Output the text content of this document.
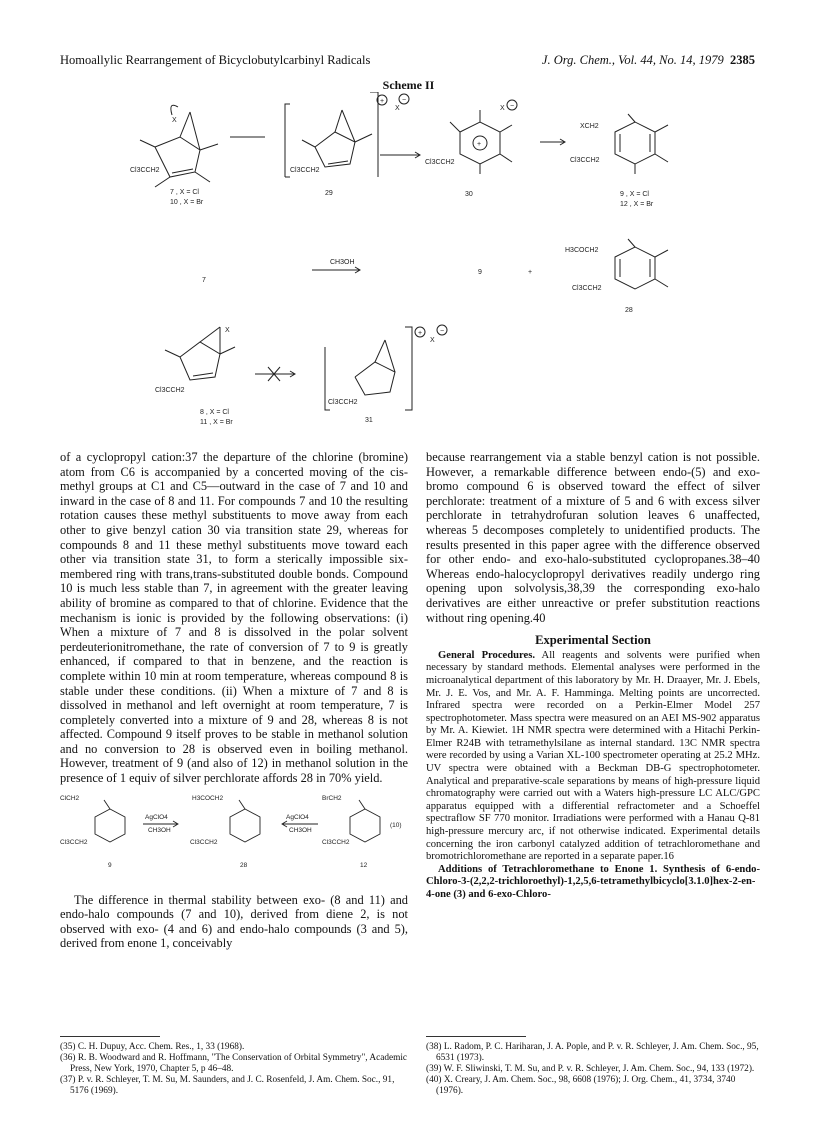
Homoallylic Rearrangement of Bicyclobutylcarbinyl Radicals	J. Org. Chem., Vol. 44, No. 14, 1979 2385
Scheme II
X
Cl3CCH2
7 , X = Cl
10 , X = Br
Cl3CCH2
29
+
X
−
+
Cl3CCH2
30
X −
XCH2
Cl3CCH2
9 , X = Cl
12 , X = Br
7
CH3OH
9	+
H3COCH2
Cl3CCH2
28
X
Cl3CCH2
8 , X = Cl
11 , X = Br
Cl3CCH2
31
+
X
−

of a cyclopropyl cation:37 the departure of the chlorine (bromine) atom from C6 is accompanied by a concerted moving of the cis-methyl groups at C1 and C5—outward in the case of 7 and 10 and inward in the case of 8 and 11. For compounds 7 and 10 the resulting rotation causes these methyl substituents to move away from each other to give benzyl cation 30 via transition state 29, whereas for compounds 8 and 11 these methyl substituents move toward each other via transition state 31, to form a sterically impossible six-membered ring with trans,trans-substituted double bonds. Compound 10 is much less stable than 7, in agreement with the greater leaving ability of bromine as compared to that of chlorine. Evidence that the mechanism is ionic is provided by the following observations: (i) When a mixture of 7 and 8 is dissolved in the polar solvent perdeuterionitromethane, the rate of conversion of 7 to 9 is greatly enhanced, if compared to that in benzene, and the reaction is complete within 10 min at room temperature, whereas compound 8 is stable under these conditions. (ii) When a mixture of 7 and 8 is dissolved in methanol and left overnight at room temperature, 7 is completely converted into a mixture of 9 and 28, whereas 8 is not affected. Compound 9 itself proves to be stable in methanol solution and no conversion to 28 is observed even in boiling methanol. However, treatment of 9 (and also of 12) in methanol solution in the presence of 1 equiv of silver perchlorate affords 28 in 70% yield.

ClCH2
Cl3CCH2
9
AgClO4
CH3OH
H3COCH2
Cl3CCH2
28
AgClO4
CH3OH
BrCH2
Cl3CCH2
12
(10)

The difference in thermal stability between exo- (8 and 11) and endo-halo compounds (7 and 10), derived from diene 2, is not observed with exo- (4 and 6) and endo-halo compounds (3 and 5), derived from enone 1, conceivably

because rearrangement via a stable benzyl cation is not possible. However, a remarkable difference between endo-(5) and exo-bromo compound 6 is observed toward the effect of silver perchlorate: treatment of a mixture of 5 and 6 with excess silver perchlorate in tetrahydrofuran solution leaves 6 unaffected, whereas 5 decomposes completely to unidentified products. The results presented in this paper agree with the difference observed for other endo- and exo-halo-substituted cyclopropanes.38–40 Whereas endo-halocyclopropyl derivatives readily undergo ring opening upon solvolysis,38,39 the corresponding exo-halo derivatives are either unreactive or prefer substitution reactions without ring opening.40

Experimental Section

General Procedures. All reagents and solvents were purified when necessary by standard methods. Elemental analyses were performed in the microanalytical department of this laboratory by Mr. H. Draayer, Mr. J. Ebels, Mr. J. E. Vos, and Mr. A. F. Hamminga. Melting points are uncorrected. Infrared spectra were recorded on a Perkin-Elmer Model 257 spectrophotometer. Mass spectra were measured on an AEI MS-902 apparatus by Mr. A. Kiewiet. 1H NMR spectra were determined with a Hitachi Perkin-Elmer R24B with tetramethylsilane as internal standard. 13C NMR spectra were recorded by using a Varian XL-100 spectrometer operating at 25.2 MHz. UV spectra were obtained with a Beckman DB-G spectrophotometer. Analytical and preparative-scale separations by means of high-pressure liquid chromatography were carried out with a Waters high-pressure LC ALC/GPC apparatus equipped with a differential refractometer and a Schoeffel spectraflow SF 770 monitor. Irradiations were performed with a Hanau Q-81 high-pressure mercury arc, if not otherwise indicated. Experimental details concerning the iron carbonyl catalyzed addition of tetrachloromethane and bromotrichloromethane are reported in a separate paper.16

Additions of Tetrachloromethane to Enone 1. Synthesis of 6-endo-Chloro-3-(2,2,2-trichloroethyl)-1,2,5,6-tetramethylbicyclo[3.1.0]hex-2-en-4-one (3) and 6-exo-Chloro-

(35) C. H. Dupuy, Acc. Chem. Res., 1, 33 (1968).

(36) R. B. Woodward and R. Hoffmann, "The Conservation of Orbital Symmetry", Academic Press, New York, 1970, Chapter 5, p 46–48.

(37) P. v. R. Schleyer, T. M. Su, M. Saunders, and J. C. Rosenfeld, J. Am. Chem. Soc., 91, 5176 (1969).

(38) L. Radom, P. C. Hariharan, J. A. Pople, and P. v. R. Schleyer, J. Am. Chem. Soc., 95, 6531 (1973).

(39) W. F. Sliwinski, T. M. Su, and P. v. R. Schleyer, J. Am. Chem. Soc., 94, 133 (1972).

(40) X. Creary, J. Am. Chem. Soc., 98, 6608 (1976); J. Org. Chem., 41, 3734, 3740 (1976).
